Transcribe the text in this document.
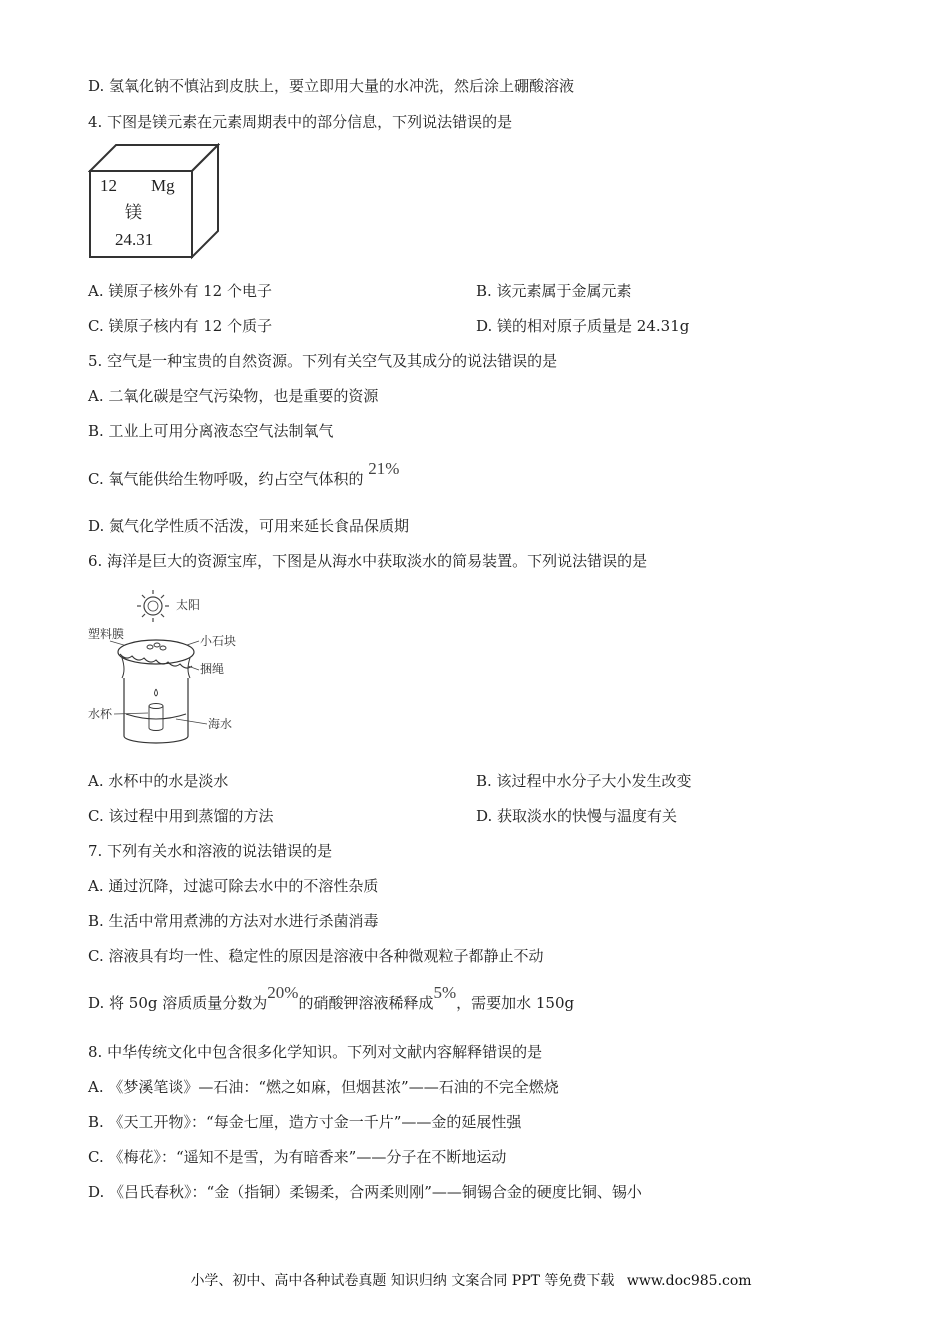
D. 氢氧化钠不慎沾到皮肤上，要立即用大量的水冲洗，然后涂上硼酸溶液
4. 下图是镁元素在元素周期表中的部分信息，下列说法错误的是
12 Mg
镁
24.31
A. 镁原子核外有 12 个电子	B. 该元素属于金属元素
C. 镁原子核内有 12 个质子	D. 镁的相对原子质量是 24.31g
5. 空气是一种宝贵的自然资源。下列有关空气及其成分的说法错误的是
A. 二氧化碳是空气污染物，也是重要的资源
B. 工业上可用分离液态空气法制氧气
C. 氧气能供给生物呼吸，约占空气体积的 21%
D. 氮气化学性质不活泼，可用来延长食品保质期
6. 海洋是巨大的资源宝库，下图是从海水中获取淡水的简易装置。下列说法错误的是
太阳
塑料膜	小石块
捆绳
水杯
海水
A. 水杯中的水是淡水	B. 该过程中水分子大小发生改变
C. 该过程中用到蒸馏的方法	D. 获取淡水的快慢与温度有关
7. 下列有关水和溶液的说法错误的是
A. 通过沉降，过滤可除去水中的不溶性杂质
B. 生活中常用煮沸的方法对水进行杀菌消毒
C. 溶液具有均一性、稳定性的原因是溶液中各种微观粒子都静止不动
D. 将 50g 溶质质量分数为20%的硝酸钾溶液稀释成5%，需要加水 150g
8. 中华传统文化中包含很多化学知识。下列对文献内容解释错误的是
A. 《梦溪笔谈》—石油：“燃之如麻，但烟甚浓”——石油的不完全燃烧
B. 《天工开物》：“每金七厘，造方寸金一千片”——金的延展性强
C. 《梅花》：“遥知不是雪，为有暗香来”——分子在不断地运动
D. 《吕氏春秋》：“金（指铜）柔锡柔，合两柔则刚”——铜锡合金的硬度比铜、锡小
小学、初中、高中各种试卷真题 知识归纳 文案合同 PPT 等免费下载 www.doc985.com
